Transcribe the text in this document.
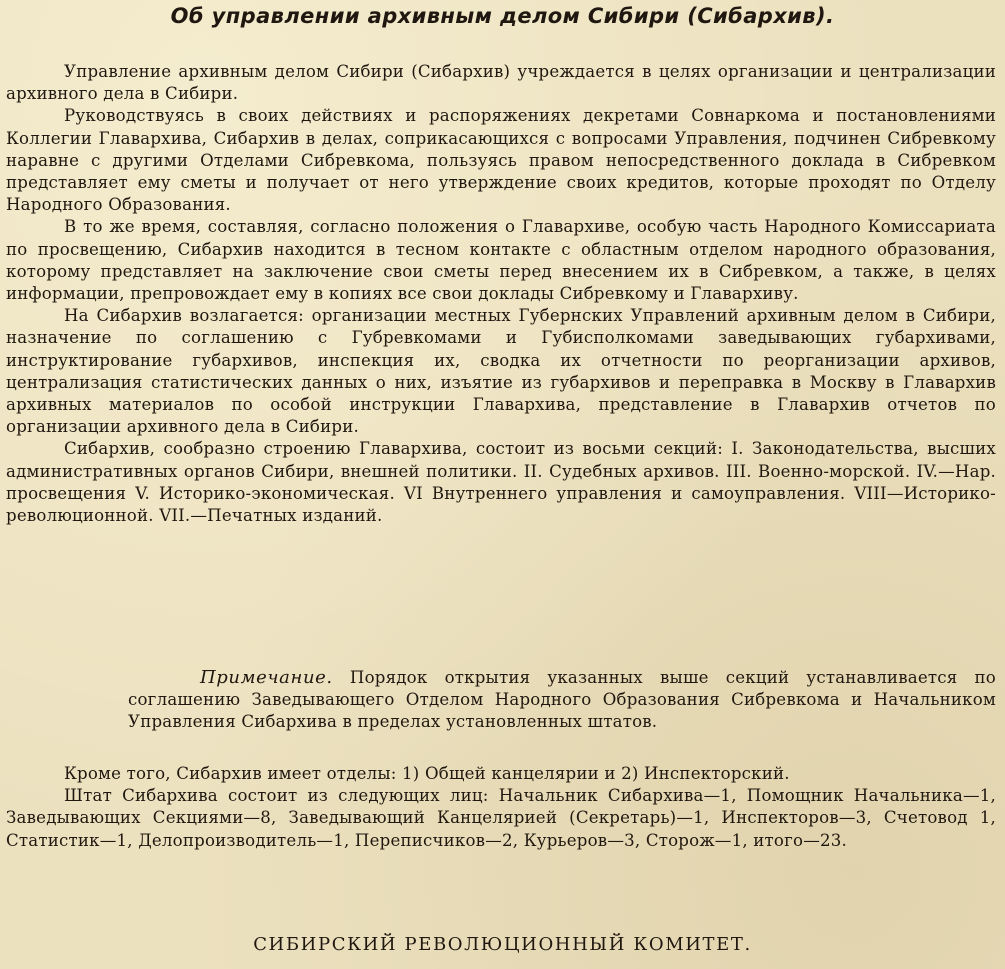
Об управлении архивным делом Сибири (Сибархив).

Управление архивным делом Сибири (Сибархив) учреждается в целях организации и централизации архивного дела в Сибири.

Руководствуясь в своих действиях и распоряжениях декретами Совнаркома и постановлениями Коллегии Главархива, Сибархив в делах, соприкасающихся с вопросами Управления, подчинен Сибревкому наравне с другими Отделами Сибревкома, пользуясь правом непосредственного доклада в Сибревком представляет ему сметы и получает от него утверждение своих кредитов, которые проходят по Отделу Народного Образования.

В то же время, составляя, согласно положения о Главархиве, особую часть Народного Комиссариата по просвещению, Сибархив находится в тесном контакте с областным отделом народного образования, которому представляет на заключение свои сметы перед внесением их в Сибревком, а также, в целях информации, препровождает ему в копиях все свои доклады Сибревкому и Главархиву.

На Сибархив возлагается: организации местных Губернских Управлений архивным делом в Сибири, назначение по соглашению с Губревкомами и Губисполкомами заведывающих губархивами, инструктирование губархивов, инспекция их, сводка их отчетности по реорганизации архивов, централизация статистических данных о них, изъятие из губархивов и переправка в Москву в Главархив архивных материалов по особой инструкции Главархива, представление в Главархив отчетов по организации архивного дела в Сибири.

Сибархив, сообразно строению Главархива, состоит из восьми секций: I. Законодательства, высших административных органов Сибири, внешней политики. II. Судебных архивов. III. Военно-морской. IV.—Нар. просвещения V. Историко-экономическая. VI Внутреннего управления и самоуправления. VIII—Историко-революционной. VII.—Печатных изданий.

Примечание. Порядок открытия указанных выше секций устанавливается по соглашению Заведывающего Отделом Народного Образования Сибревкома и Начальником Управления Сибархива в пределах установленных штатов.

Кроме того, Сибархив имеет отделы: 1) Общей канцелярии и 2) Инспекторский.

Штат Сибархива состоит из следующих лиц: Начальник Сибархива—1, Помощник Начальника—1, Заведывающих Секциями—8, Заведывающий Канцелярией (Секретарь)—1, Инспекторов—3, Счетовод 1, Статистик—1, Делопроизводитель—1, Переписчиков—2, Курьеров—3, Сторож—1, итого—23.

СИБИРСКИЙ РЕВОЛЮЦИОННЫЙ КОМИТЕТ.
